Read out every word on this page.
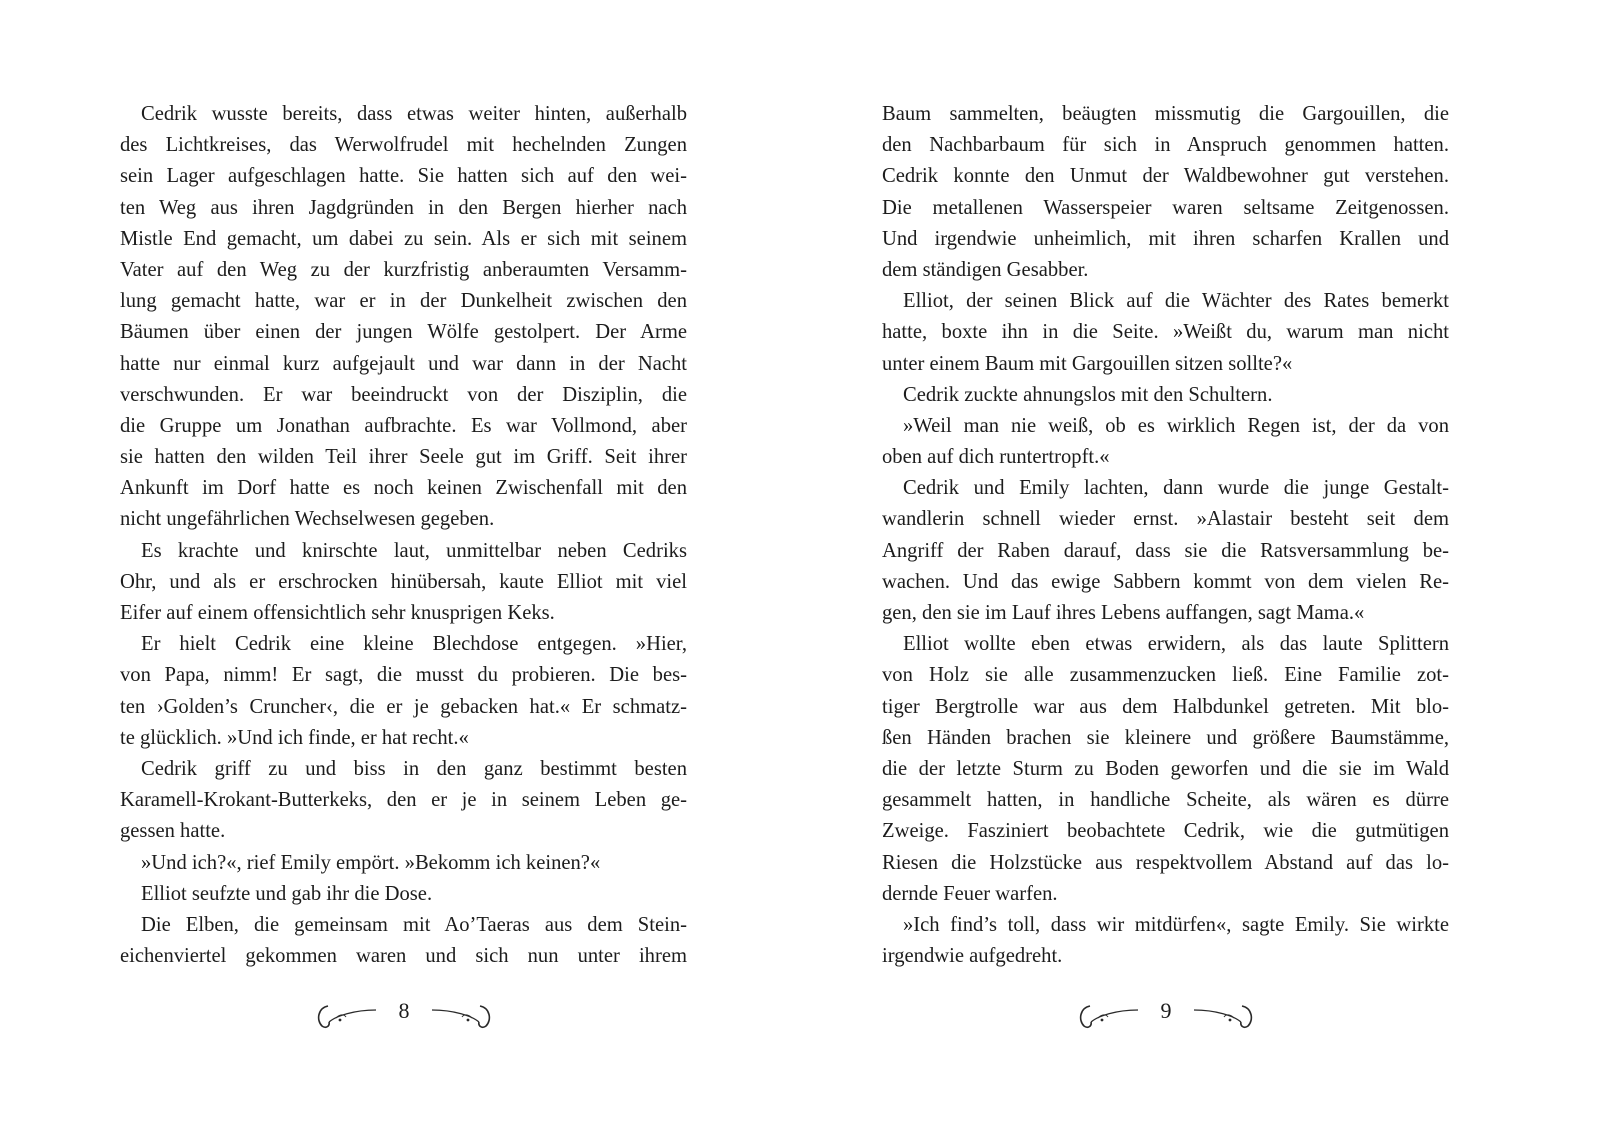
Cedrik wusste bereits, dass etwas weiter hinten, außerhalb
des Lichtkreises, das Werwolfrudel mit hechelnden Zungen
sein Lager aufgeschlagen hatte. Sie hatten sich auf den wei-
ten Weg aus ihren Jagdgründen in den Bergen hierher nach
Mistle End gemacht, um dabei zu sein. Als er sich mit seinem
Vater auf den Weg zu der kurzfristig anberaumten Versamm-
lung gemacht hatte, war er in der Dunkelheit zwischen den
Bäumen über einen der jungen Wölfe gestolpert. Der Arme
hatte nur einmal kurz aufgejault und war dann in der Nacht
verschwunden. Er war beeindruckt von der Disziplin, die
die Gruppe um Jonathan aufbrachte. Es war Vollmond, aber
sie hatten den wilden Teil ihrer Seele gut im Griff. Seit ihrer
Ankunft im Dorf hatte es noch keinen Zwischenfall mit den
nicht ungefährlichen Wechselwesen gegeben.
Es krachte und knirschte laut, unmittelbar neben Cedriks
Ohr, und als er erschrocken hinübersah, kaute Elliot mit viel
Eifer auf einem offensichtlich sehr knusprigen Keks.
Er hielt Cedrik eine kleine Blechdose entgegen. »Hier,
von Papa, nimm! Er sagt, die musst du probieren. Die bes-
ten ›Golden’s Cruncher‹, die er je gebacken hat.« Er schmatz-
te glücklich. »Und ich finde, er hat recht.«
Cedrik griff zu und biss in den ganz bestimmt besten
Karamell-Krokant-Butterkeks, den er je in seinem Leben ge-
gessen hatte.
»Und ich?«, rief Emily empört. »Bekomm ich keinen?«
Elliot seufzte und gab ihr die Dose.
Die Elben, die gemeinsam mit Ao’Taeras aus dem Stein-
eichenviertel gekommen waren und sich nun unter ihrem
8
Baum sammelten, beäugten missmutig die Gargouillen, die
den Nachbarbaum für sich in Anspruch genommen hatten.
Cedrik konnte den Unmut der Waldbewohner gut verstehen.
Die metallenen Wasserspeier waren seltsame Zeitgenossen.
Und irgendwie unheimlich, mit ihren scharfen Krallen und
dem ständigen Gesabber.
Elliot, der seinen Blick auf die Wächter des Rates bemerkt
hatte, boxte ihn in die Seite. »Weißt du, warum man nicht
unter einem Baum mit Gargouillen sitzen sollte?«
Cedrik zuckte ahnungslos mit den Schultern.
»Weil man nie weiß, ob es wirklich Regen ist, der da von
oben auf dich runtertropft.«
Cedrik und Emily lachten, dann wurde die junge Gestalt-
wandlerin schnell wieder ernst. »Alastair besteht seit dem
Angriff der Raben darauf, dass sie die Ratsversammlung be-
wachen. Und das ewige Sabbern kommt von dem vielen Re-
gen, den sie im Lauf ihres Lebens auffangen, sagt Mama.«
Elliot wollte eben etwas erwidern, als das laute Splittern
von Holz sie alle zusammenzucken ließ. Eine Familie zot-
tiger Bergtrolle war aus dem Halbdunkel getreten. Mit blo-
ßen Händen brachen sie kleinere und größere Baumstämme,
die der letzte Sturm zu Boden geworfen und die sie im Wald
gesammelt hatten, in handliche Scheite, als wären es dürre
Zweige. Fasziniert beobachtete Cedrik, wie die gutmütigen
Riesen die Holzstücke aus respektvollem Abstand auf das lo-
dernde Feuer warfen.
»Ich find’s toll, dass wir mitdürfen«, sagte Emily. Sie wirkte
irgendwie aufgedreht.
9
